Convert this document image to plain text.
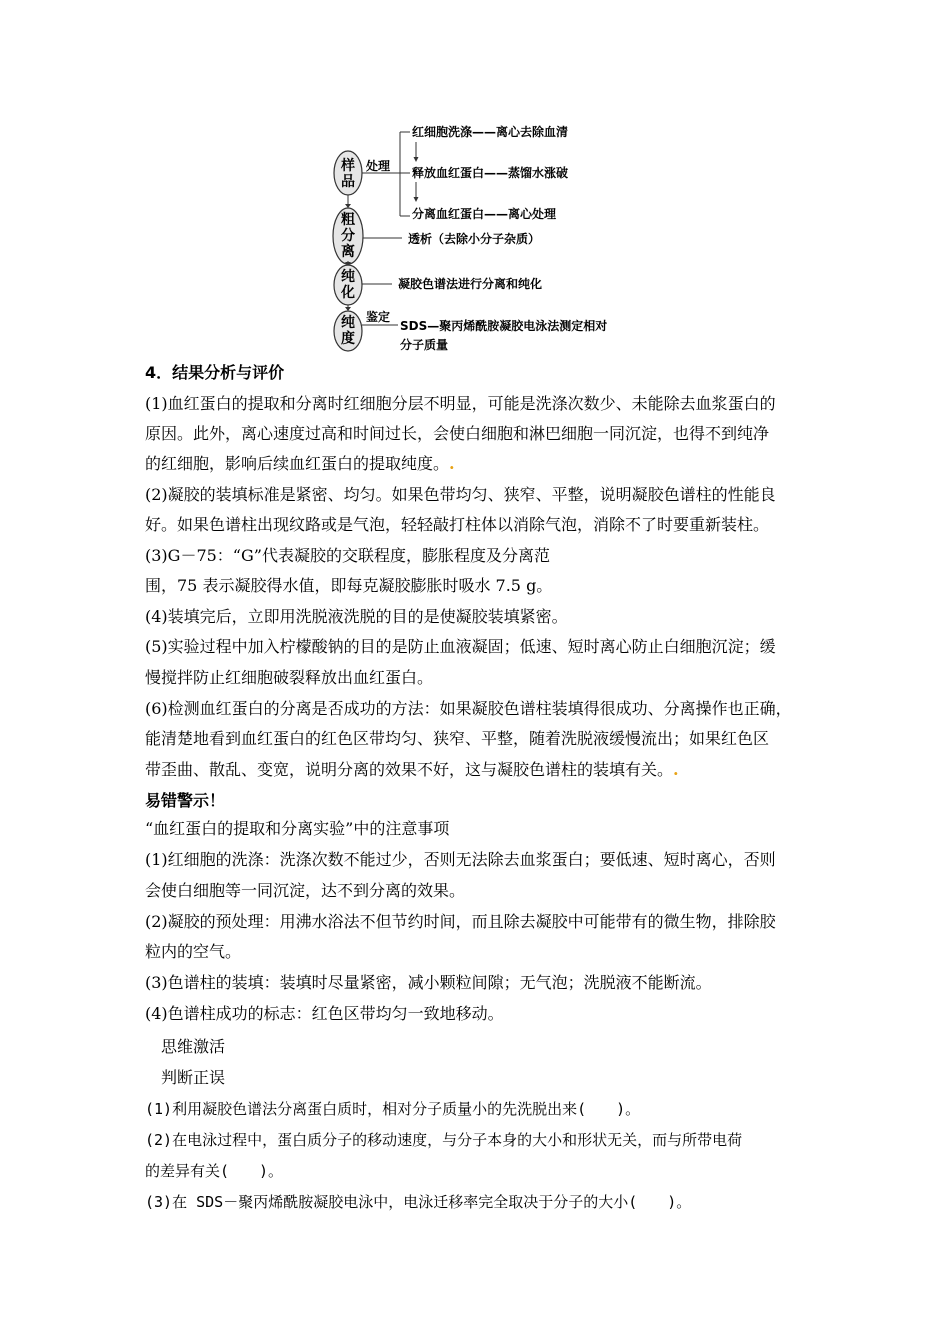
样
品
粗
分
离
纯
化
纯
度
处理
红细胞洗涤——离心去除血清
释放血红蛋白——蒸馏水涨破
分离血红蛋白——离心处理
透析（去除小分子杂质）
凝胶色谱法进行分离和纯化
鉴定
SDS—聚丙烯酰胺凝胶电泳法测定相对
分子质量
4．结果分析与评价
(1)血红蛋白的提取和分离时红细胞分层不明显，可能是洗涤次数少、未能除去血浆蛋白的
原因。此外，离心速度过高和时间过长，会使白细胞和淋巴细胞一同沉淀，也得不到纯净
的红细胞，影响后续血红蛋白的提取纯度。.
(2)凝胶的装填标准是紧密、均匀。如果色带均匀、狭窄、平整，说明凝胶色谱柱的性能良
好。如果色谱柱出现纹路或是气泡，轻轻敲打柱体以消除气泡，消除不了时要重新装柱。
(3)G－75：“G”代表凝胶的交联程度，膨胀程度及分离范
围，75 表示凝胶得水值，即每克凝胶膨胀时吸水 7.5 g。
(4)装填完后，立即用洗脱液洗脱的目的是使凝胶装填紧密。
(5)实验过程中加入柠檬酸钠的目的是防止血液凝固；低速、短时离心防止白细胞沉淀；缓
慢搅拌防止红细胞破裂释放出血红蛋白。
(6)检测血红蛋白的分离是否成功的方法：如果凝胶色谱柱装填得很成功、分离操作也正确，
能清楚地看到血红蛋白的红色区带均匀、狭窄、平整，随着洗脱液缓慢流出；如果红色区
带歪曲、散乱、变宽，说明分离的效果不好，这与凝胶色谱柱的装填有关。.
易错警示！
“血红蛋白的提取和分离实验”中的注意事项
(1)红细胞的洗涤：洗涤次数不能过少，否则无法除去血浆蛋白；要低速、短时离心，否则
会使白细胞等一同沉淀，达不到分离的效果。
(2)凝胶的预处理：用沸水浴法不但节约时间，而且除去凝胶中可能带有的微生物，排除胶
粒内的空气。
(3)色谱柱的装填：装填时尽量紧密，减小颗粒间隙；无气泡；洗脱液不能断流。
(4)色谱柱成功的标志：红色区带均匀一致地移动。
思维激活
判断正误
(1)利用凝胶色谱法分离蛋白质时，相对分子质量小的先洗脱出来(　　)。
(2)在电泳过程中，蛋白质分子的移动速度，与分子本身的大小和形状无关，而与所带电荷
的差异有关(　　)。
(3)在 SDS－聚丙烯酰胺凝胶电泳中，电泳迁移率完全取决于分子的大小(　　)。
